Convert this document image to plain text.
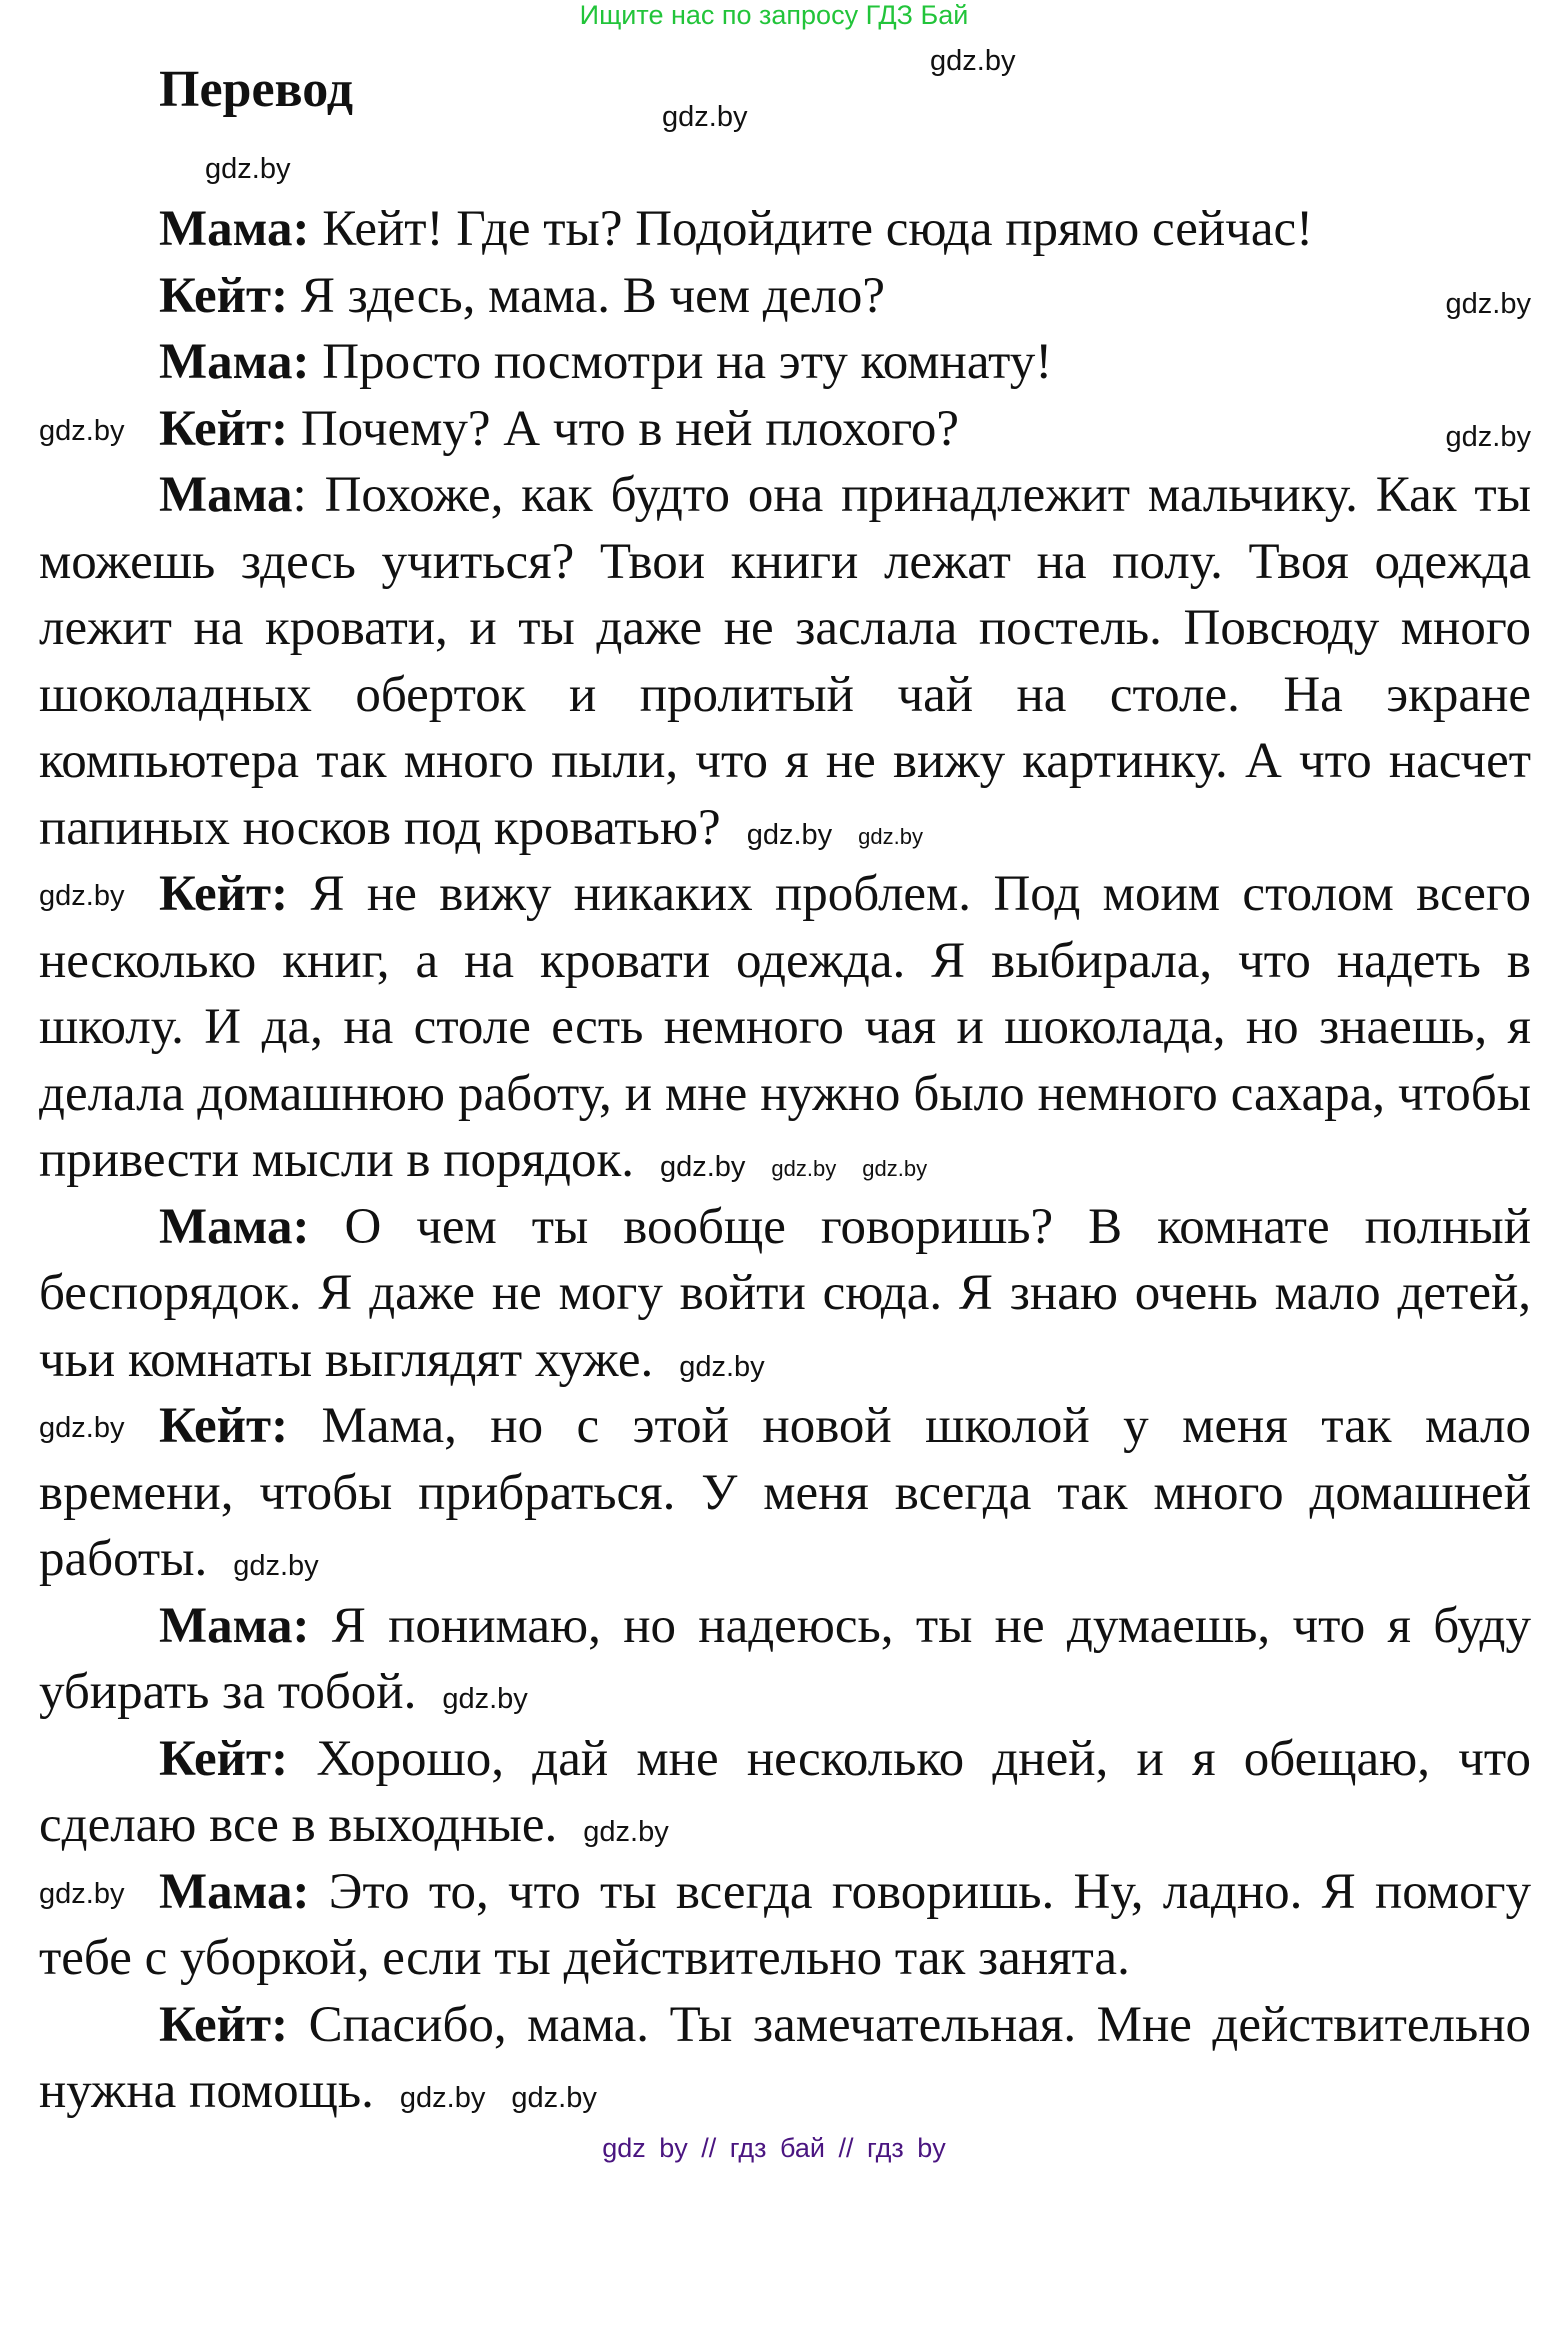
Ищите нас по запросу ГДЗ Бай
Перевод	gdz.by
gdz.by
gdz.by

Мама: Кейт! Где ты? Подойдите сюда прямо сейчас!

gdz.by
Кейт: Я здесь, мама. В чем дело?

Мама: Просто посмотри на эту комнату!

gdz.by	gdz.by
Кейт: Почему? А что в ней плохого?

Мама: Похоже, как будто она принадлежит мальчику. Как ты можешь здесь учиться? Твои книги лежат на полу. Твоя одежда лежит на кровати, и ты даже не заслала постель. Повсюду много шоколадных оберток и пролитый чай на столе. На экране компьютера так много пыли, что я не вижу картинку. А что насчет папиных носков под кроватью? gdz.by gdz.by

gdz.by Кейт: Я не вижу никаких проблем. Под моим столом всего несколько книг, а на кровати одежда. Я выбирала, что надеть в школу. И да, на столе есть немного чая и шоколада, но знаешь, я делала домашнюю работу, и мне нужно было немного сахара, чтобы привести мысли в порядок. gdz.by gdz.by gdz.by

Мама: О чем ты вообще говоришь? В комнате полный беспорядок. Я даже не могу войти сюда. Я знаю очень мало детей, чьи комнаты выглядят хуже. gdz.by

gdz.by Кейт: Мама, но с этой новой школой у меня так мало времени, чтобы прибраться. У меня всегда так много домашней работы. gdz.by

Мама: Я понимаю, но надеюсь, ты не думаешь, что я буду убирать за тобой. gdz.by

Кейт: Хорошо, дай мне несколько дней, и я обещаю, что сделаю все в выходные. gdz.by

gdz.by Мама: Это то, что ты всегда говоришь. Ну, ладно. Я помогу тебе с уборкой, если ты действительно так занята.

Кейт: Спасибо, мама. Ты замечательная. Мне действительно нужна помощь. gdz.by gdz.by

gdz by // гдз бай // гдз by
